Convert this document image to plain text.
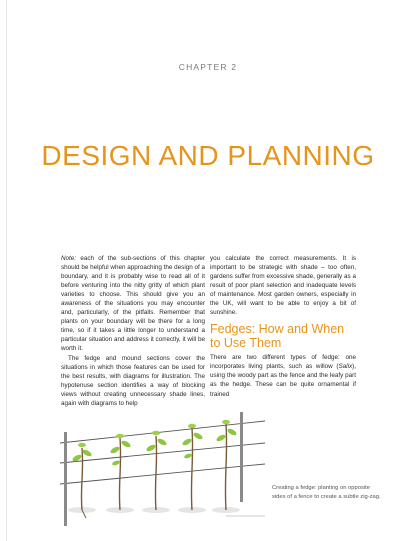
CHAPTER 2
DESIGN AND PLANNING

Note: each of the sub-sections of this chapter should be helpful when approaching the design of a boundary, and it is probably wise to read all of it before venturing into the nitty gritty of which plant varieties to choose. This should give you an awareness of the situations you may encounter and, particularly, of the pitfalls. Remember that plants on your boundary will be there for a long time, so if it takes a little longer to understand a particular situation and address it correctly, it will be worth it.

The fedge and mound sections cover the situations in which those features can be used for the best results, with diagrams for illustration. The hypotenuse section identifies a way of blocking views without creating unnecessary shade lines, again with diagrams to help

you calculate the correct measurements. It is important to be strategic with shade – too often, gardens suffer from excessive shade, generally as a result of poor plant selection and inadequate levels of maintenance. Most garden owners, especially in the UK, will want to be able to enjoy a bit of sunshine.

Fedges: How and When to Use Them

There are two different types of fedge: one incorporates living plants, such as willow (Salix), using the woody part as the fence and the leafy part as the hedge. These can be quite ornamental if trained

Creating a fedge: planting on opposite sides of a fence to create a subtle zig-zag.
